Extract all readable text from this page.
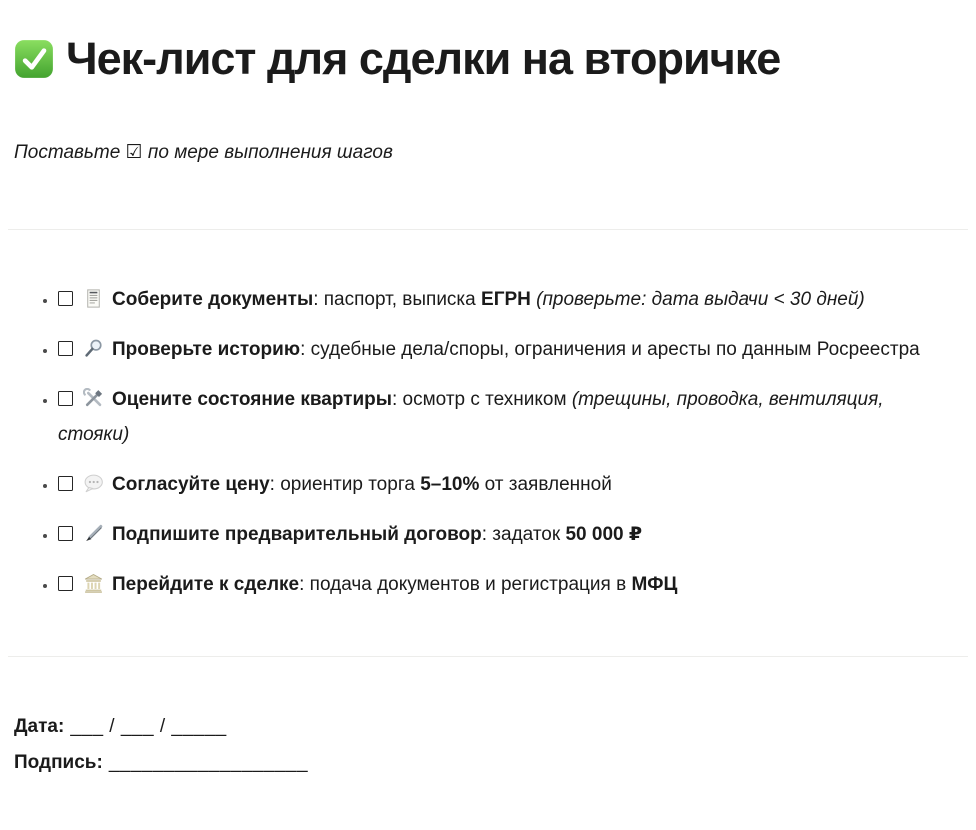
Чек-лист для сделки на вторичке

Поставьте ☑ по мере выполнения шагов

• Соберите документы: паспорт, выписка ЕГРН (проверьте: дата выдачи < 30 дней)
• Проверьте историю: судебные дела/споры, ограничения и аресты по данным Росреестра
• Оцените состояние квартиры: осмотр с техником (трещины, проводка, вентиляция, стояки)
• Согласуйте цену: ориентир торга 5–10% от заявленной
• Подпишите предварительный договор: задаток 50 000 ₽
• Перейдите к сделке: подача документов и регистрация в МФЦ

Дата: ___ / ___ / _____

Подпись: __________________
